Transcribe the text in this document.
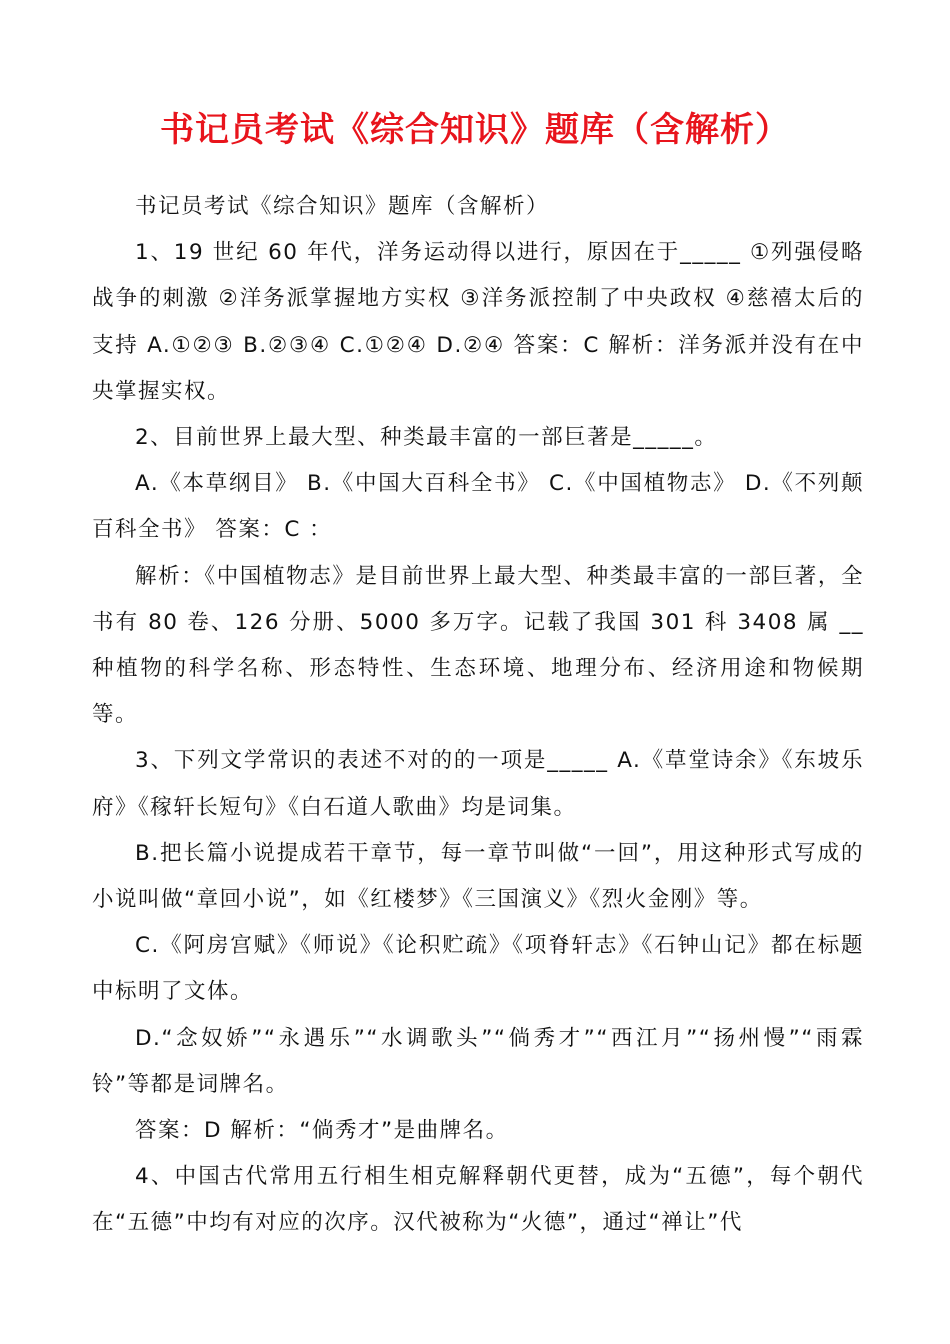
书记员考试《综合知识》题库（含解析）

书记员考试《综合知识》题库（含解析）

1、19 世纪 60 年代，洋务运动得以进行，原因在于_____ ①列强侵略战争的刺激 ②洋务派掌握地方实权 ③洋务派控制了中央政权 ④慈禧太后的支持 A.①②③ B.②③④ C.①②④ D.②④ 答案：C 解析：洋务派并没有在中央掌握实权。

2、目前世界上最大型、种类最丰富的一部巨著是_____。

A.《本草纲目》 B.《中国大百科全书》 C.《中国植物志》 D.《不列颠百科全书》 答案：C ：

解析：《中国植物志》是目前世界上最大型、种类最丰富的一部巨著，全书有 80 卷、126 分册、5000 多万字。记载了我国 301 科 3408 属 __ 种植物的科学名称、形态特性、生态环境、地理分布、经济用途和物候期等。

3、下列文学常识的表述不对的的一项是_____ A.《草堂诗余》《东坡乐府》《稼轩长短句》《白石道人歌曲》均是词集。

B.把长篇小说提成若干章节，每一章节叫做“一回”，用这种形式写成的小说叫做“章回小说”，如《红楼梦》《三国演义》《烈火金刚》等。

C.《阿房宫赋》《师说》《论积贮疏》《项脊轩志》《石钟山记》都在标题中标明了文体。

D.“念奴娇”“永遇乐”“水调歌头”“倘秀才”“西江月”“扬州慢”“雨霖铃”等都是词牌名。

答案：D 解析：“倘秀才”是曲牌名。

4、中国古代常用五行相生相克解释朝代更替，成为“五德”，每个朝代在“五德”中均有对应的次序。汉代被称为“火德”，通过“禅让”代
